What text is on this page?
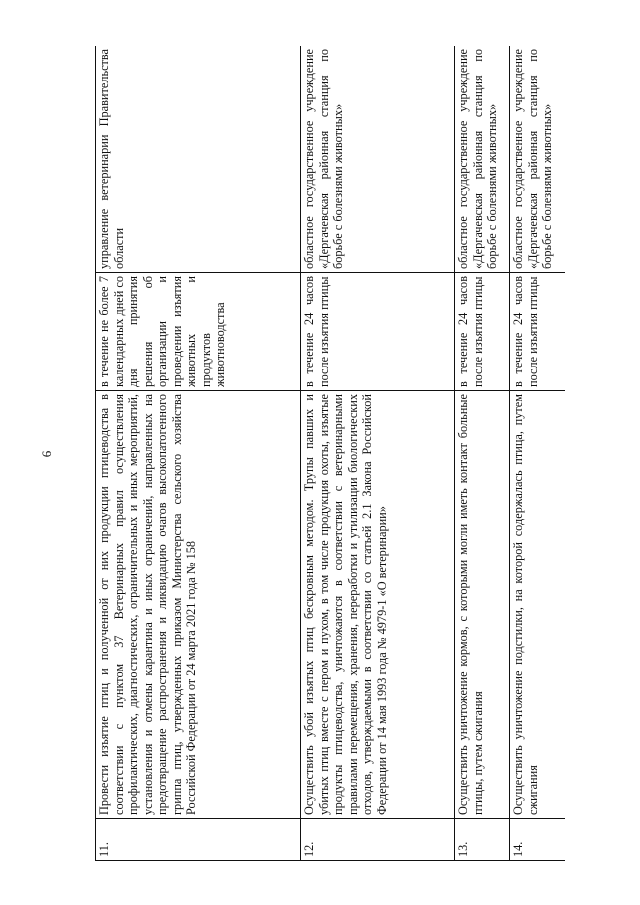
6
11.	Провести изъятие птиц и полученной от них продукции птицеводства в соответствии с пунктом 37 Ветеринарных правил осуществления профилактических, диагностических, ограничительных и иных мероприятий, установления и отмены карантина и иных ограничений, направленных на предотвращение распространения и ликвидацию очагов высокопатогенного гриппа птиц, утвержденных приказом Министерства сельского хозяйства Российской Федерации от 24 марта 2021 года № 158	в течение не более 7 календарных дней со дня принятия решения об организации и проведении изъятия животных и продуктов животноводства	управление ветеринарии Правительства области
12.	Осуществить убой изъятых птиц бескровным методом. Трупы павших и убитых птиц вместе с пером и пухом, в том числе продукция охоты, изъятые продукты птицеводства, уничтожаются в соответствии с ветеринарными правилами перемещения, хранения, переработки и утилизации биологических отходов, утверждаемыми в соответствии со статьей 2.1 Закона Российской Федерации от 14 мая 1993 года № 4979-1 «О ветеринарии»	в течение 24 часов после изъятия птицы	областное государственное учреждение «Дергачевская районная станция по борьбе с болезнями животных»
13.	Осуществить уничтожение кормов, с которыми могли иметь контакт больные птицы, путем сжигания	в течение 24 часов после изъятия птицы	областное государственное учреждение «Дергачевская районная станция по борьбе с болезнями животных»
14.	Осуществить уничтожение подстилки, на которой содержалась птица, путем сжигания	в течение 24 часов после изъятия птицы	областное государственное учреждение «Дергачевская районная станция по борьбе с болезнями животных»
